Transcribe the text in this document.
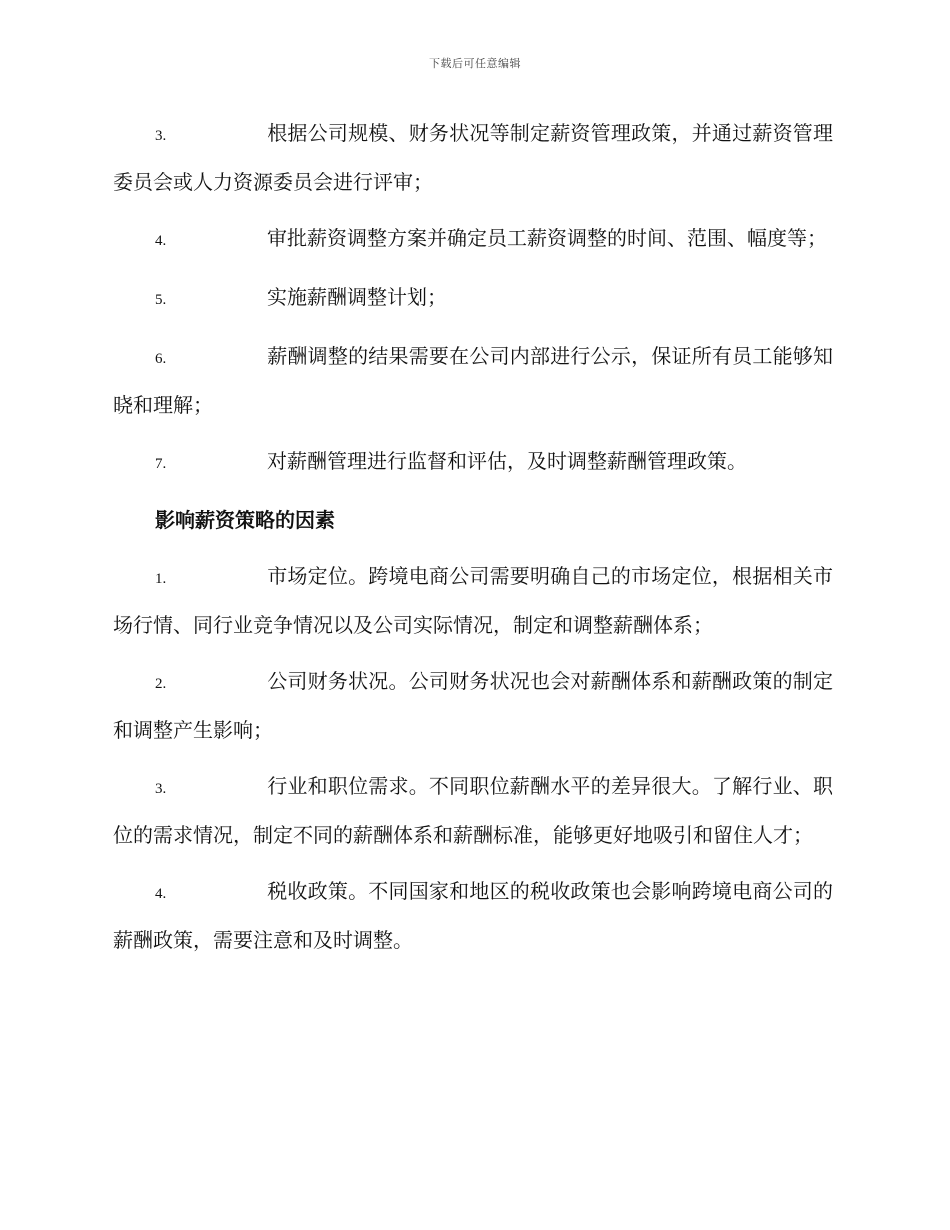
下载后可任意编辑
3.	根据公司规模、财务状况等制定薪资管理政策，并通过薪资管理委员会或人力资源委员会进行评审；
4.	审批薪资调整方案并确定员工薪资调整的时间、范围、幅度等；
5.	实施薪酬调整计划；
6.	薪酬调整的结果需要在公司内部进行公示，保证所有员工能够知晓和理解；
7.	对薪酬管理进行监督和评估，及时调整薪酬管理政策。
影响薪资策略的因素
1.	市场定位。跨境电商公司需要明确自己的市场定位，根据相关市场行情、同行业竞争情况以及公司实际情况，制定和调整薪酬体系；
2.	公司财务状况。公司财务状况也会对薪酬体系和薪酬政策的制定和调整产生影响；
3.	行业和职位需求。不同职位薪酬水平的差异很大。了解行业、职位的需求情况，制定不同的薪酬体系和薪酬标准，能够更好地吸引和留住人才；
4.	税收政策。不同国家和地区的税收政策也会影响跨境电商公司的薪酬政策，需要注意和及时调整。
